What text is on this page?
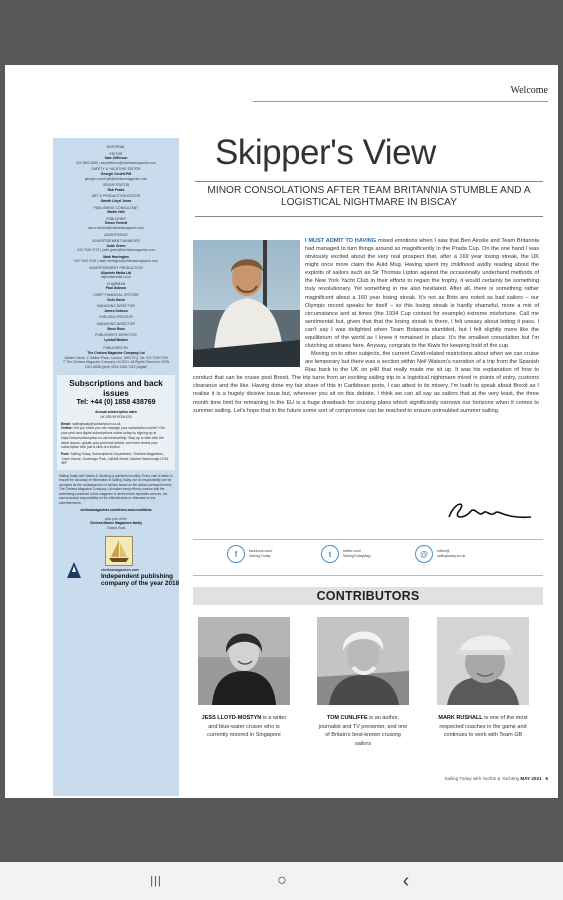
Welcome
EDITORIAL
EDITOR
Sam Jefferson
020 3603 8280 | samjefferson@chelseamagazine.com
SAFETY & YACHTING EDITOR
Georgie Corlett-Pitt
georgie.corlett-pitt@chelseamagazine.com
GROUP EDITOR
Rob Peake
ART & PRODUCTION EDITOR
Gareth Lloyd Jones
PUBLISHING CONSULTANT
Martin Hett
PUBLISHER
Simon Temlett
simon.temlett@chelseamagazine.com
ADVERTISING
ADVERTISEMENT MANAGER
Jodie Green
020 7349 3722 | jodie.green@chelseamagazine.com
Mark Harrington
020 7349 3746 | mark.harrington@chelseamagazine.com
ADVERTISEMENT PRODUCTION
Allpoints Media Ltd
allpointsmedia.co.uk
CHAIRMAN
Paul Dobson
CHIEF FINANCIAL OFFICER
Vicki Gavin
MANAGING DIRECTOR
James Dobson
CHELSEA CREATIVE
MANAGING DIRECTOR
Steve Ross
PUBLISHER'S DIRECTOR
Lyndall Beaton
PUBLISHED BY
The Chelsea Magazine Company Ltd
Jubilee House, 2 Jubilee Place, London, SW3 3TQ. Tel: 020 7349 3700
© The Chelsea Magazine Company Ltd 2021. All Rights Reserved. ISSN 1367-8868 (print) ISSN 2059-7320 (digital)
Subscriptions and back issues
Tel: +44 (0) 1858 438769
Annual subscription rates
UK £59.99 ROW £91
Email: sailingtoday@subscription.co.uk
Online: Did you know you can manage your subscription online? Get your print and digital subscriptions online today by signing up at https://www.subscription.co.uk/chelsea/help. Stay up to date with the latest issues, update your personal details, and even renew your subscription with just a click of a button.
Post: Sailing Today, Subscriptions Department, Chelsea Magazines, Tower House, Sovereign Park, Lathkill Street, Market Harborough LE16 9EF
Sailing Today with Yachts & Yachting is published monthly. Every care is taken to ensure the accuracy of information in Sailing Today, but no responsibility can be accepted for the consequences of actions based on the advice portrayed herein. The Chelsea Magazine Company Ltd makes every effort to ensure that the advertising contained in this magazine is derived from reputable sources, but cannot accept responsibility for the effectiveness or otherwise of any advertisements.
chelseamagazines.com/terms-and-conditions
Also part of the
Chelsea Marine Magazines family
Classic Boat
chelseamagazines.com
Independent publishing company of the year 2018
Skipper's View
MINOR CONSOLATIONS AFTER TEAM BRITANNIA STUMBLE AND A LOGISTICAL NIGHTMARE IN BISCAY
I MUST ADMIT TO HAVING mixed emotions when I saw that Ben Ainslie and Team Britannia had managed to turn things around so magnificently in the Prada Cup. On the one hand I was obviously excited about the very real prospect that, after a 169 year losing streak, the UK might once more claim the Auld Mug. Having spent my childhood avidly reading about the exploits of sailors such as Sir Thomas Lipton against the occasionally underhand methods of the New York Yacht Club in their efforts to regain the trophy, it would certainly be something truly revolutionary. Yet something in me also hesitated. After all, there is something rather magnificent about a 160 year losing streak. It's not as Brits are noted as bad sailors – our Olympic record speaks for itself – so this losing streak is hardly shameful, more a mix of circumstance and at times (the 1934 Cup contest for example) extreme misfortune. Call me sentimental but, given that that the losing streak is there, I felt uneasy about letting it pass. I can't say I was delighted when Team Britannia stumbled, but I felt slightly more like the equilibrium of the world as I knew it remained in place. It's the smallest consolation but I'm clutching at straws here. Anyway, congrats to the Kiwis for keeping hold of the cup.
Moving on to other subjects, the current Covid-related restrictions about when we can cruise are temporary but there was a section within Neil Watson's narration of a trip from the Spanish Rias back to the UK on p40 that really made me sit up. It was his explanation of how to conduct that can be cruise post Brexit. The trip turns from an exciting sailing trip to a logistical nightmare mired in points of entry, customs clearance and the like. Having done my fair share of this in Caribbean ports, I can attest to its misery. I'm loath to speak about Brexit as I realise it is a hugely divisive issue but, wherever you sit on this debate, I think we can all say as sailors that at the very least, the three month time limit for remaining in the EU is a huge drawback for cruising plans which significantly narrows our horizons when it comes to summer sailing. Let's hope that in the future some sort of compromise can be reached to ensure untroubled summer sailing.
f	facebook.com/
Sailing.Today	t	twitter.com/
SailingTodayMag	@	editor@
sailingtoday.co.uk
CONTRIBUTORS
JESS LLOYD-MOSTYN is a writer and blue-water cruiser who is currently moored in Singapore
TOM CUNLIFFE is an author, journalist and TV presenter, and one of Britain's best-known cruising sailors
MARK RUSHALL is one of the most respected coaches in the game and continues to work with Team GB
Sailing Today with Yachts & Yachting MAY 2021 5
|||	○	‹
